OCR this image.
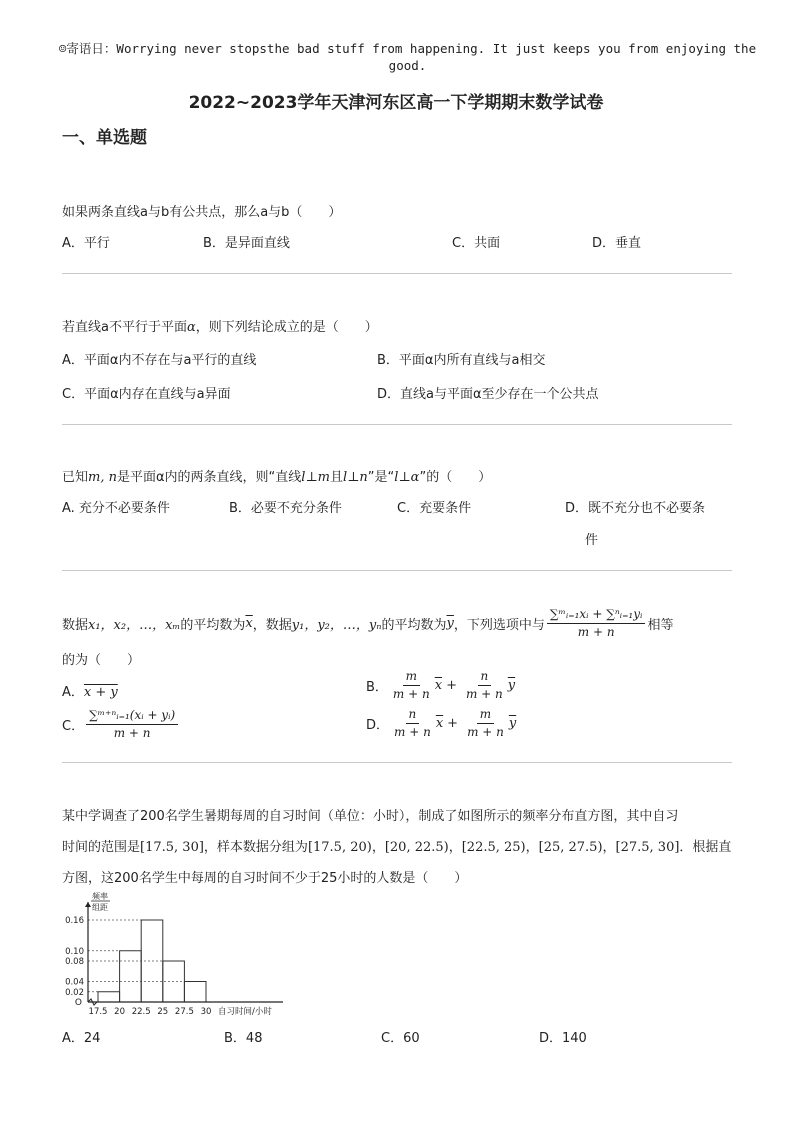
☺寄语日：Worrying never stopsthe bad stuff from happening. It just keeps you from enjoying the
good.
2022~2023学年天津河东区高一下学期期末数学试卷
一、单选题
如果两条直线a与b有公共点，那么a与b（　　）
A．平行	B．是异面直线	C．共面	D．垂直
若直线a不平行于平面α，则下列结论成立的是（　　）
A．平面α内不存在与a平行的直线	B．平面α内所有直线与a相交
C．平面α内存在直线与a异面	D．直线a与平面α至少存在一个公共点
已知m, n是平面α内的两条直线，则“直线l⊥m且l⊥n”是“l⊥α”的（　　）
A. 充分不必要条件	B．必要不充分条件	C．充要条件	D．既不充分也不必要条
件
数据 x₁，x₂，…，xₘ 的平均数为 $\overline{x}$ ，数据 y₁，y₂，…，yₙ 的平均数为 $\overline{y}$ ，下列选项中与 $\frac{\text{∑ᵐᵢ₌₁xᵢ + ∑ⁿᵢ₌₁yᵢ}}{m + n}$ 相等
的为（　　）
A．x + y	B． $\frac{m}{m + n} \overline{x} + \frac{n}{m + n} \overline{y}$
C． $\frac{\text{∑ᵐ⁺ⁿᵢ₌₁(xᵢ + yᵢ)}}{m + n}$	D． $\frac{n}{m + n} \overline{x} + \frac{m}{m + n} \overline{y}$
某中学调查了200名学生暑期每周的自习时间（单位：小时），制成了如图所示的频率分布直方图，其中自习
时间的范围是[17.5, 30]，样本数据分组为[17.5, 20)，[20, 22.5)，[22.5, 25)，[25, 27.5)，[27.5, 30]．根据直
方图，这200名学生中每周的自习时间不少于25小时的人数是（　　）
0.16
0.10
0.08
0.04
0.02
17.5 20 22.5 25 27.5 30
O
频率
组距
自习时间/小时
A．24	B．48	C．60	D．140
